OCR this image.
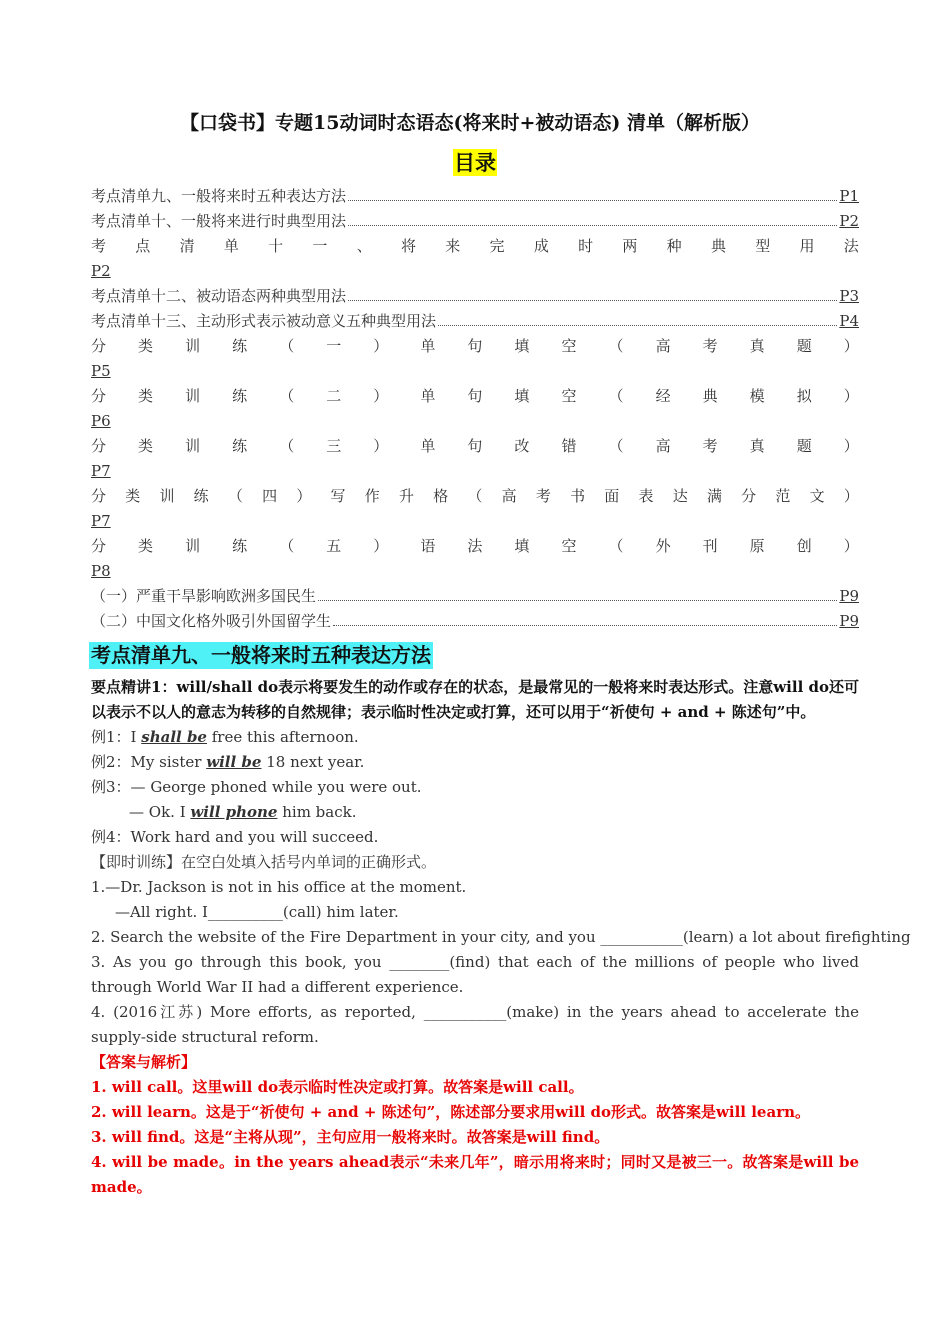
【口袋书】专题15动词时态语态(将来时+被动语态) 清单（解析版）
目录
考点清单九、一般将来时五种表达方法	P1
考点清单十、一般将来进行时典型用法	P2
考 点 清 单 十 一 、 将 来 完 成 时 两 种 典 型 用 法
P2
考点清单十二、被动语态两种典型用法	P3
考点清单十三、主动形式表示被动意义五种典型用法	P4
分 类 训 练 （ 一 ） 单 句 填 空 （ 高 考 真 题 ）
P5
分 类 训 练 （ 二 ） 单 句 填 空 （ 经 典 模 拟 ）
P6
分 类 训 练 （ 三 ） 单 句 改 错 （ 高 考 真 题 ）
P7
分 类 训 练 （ 四 ） 写 作 升 格 （ 高 考 书 面 表 达 满 分 范 文 ）
P7
分 类 训 练 （ 五 ） 语 法 填 空 （ 外 刊 原 创 ）
P8
（一）严重干旱影响欧洲多国民生	P9
（二）中国文化格外吸引外国留学生	P9
考点清单九、一般将来时五种表达方法
要点精讲1：will/shall do表示将要发生的动作或存在的状态，是最常见的一般将来时表达形式。注意will do还可以表示不以人的意志为转移的自然规律；表示临时性决定或打算，还可以用于“祈使句 + and + 陈述句”中。
例1：I shall be free this afternoon.
例2：My sister will be 18 next year.
例3：— George phoned while you were out.
— Ok. I will phone him back.
例4：Work hard and you will succeed.
【即时训练】在空白处填入括号内单词的正确形式。
1.—Dr. Jackson is not in his office at the moment.
—All right. I__________(call) him later.
2. Search the website of the Fire Department in your city, and you ___________(learn) a lot about firefighting
3. As you go through this book, you ________(find) that each of the millions of people who lived through World War II had a different experience.
4. (2016江苏) More efforts, as reported, ___________(make) in the years ahead to accelerate the supply-side structural reform.
【答案与解析】
1. will call。这里will do表示临时性决定或打算。故答案是will call。
2. will learn。这是于“祈使句 + and + 陈述句”，陈述部分要求用will do形式。故答案是will learn。
3. will find。这是“主将从现”，主句应用一般将来时。故答案是will find。
4. will be made。in the years ahead表示“未来几年”，暗示用将来时；同时又是被三一。故答案是will be made。
